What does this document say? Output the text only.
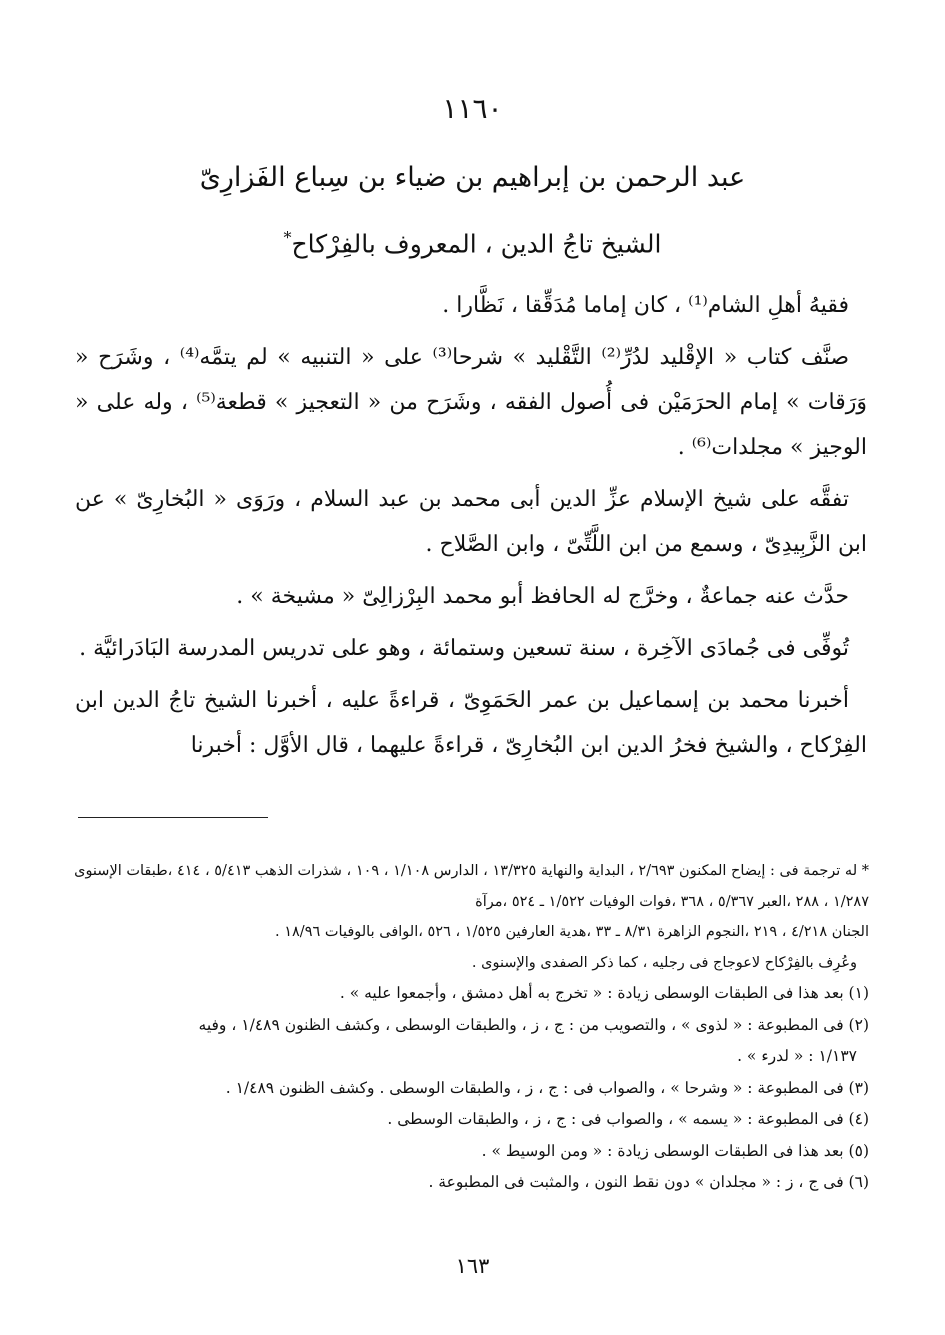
١١٦٠
عبد الرحمن بن إبراهيم بن ضياء بن سِباع الفَزارِىّ
الشيخ تاجُ الدين ، المعروف بالفِرْكاح*

فقيهُ أهلِ الشام⁽¹⁾ ، كان إماما مُدَقِّقا ، نَظَّارا .

صنَّف كتاب « الإقْليد لدُرِّ⁽²⁾ التَّقْليد » شرحا⁽³⁾ على « التنبيه » لم يتمَّه⁽⁴⁾ ، وشَرَح « وَرَقات » إمام الحرَمَيْن فى أُصول الفقه ، وشَرَح من « التعجيز » قطعة⁽⁵⁾ ، وله على « الوجيز » مجلدات⁽⁶⁾ .

تفقَّه على شيخ الإسلام عزِّ الدين أبى محمد بن عبد السلام ، ورَوَى « البُخارِىّ » عن ابن الزَّبِيدِىّ ، وسمع من ابن اللَّتِّىّ ، وابن الصَّلاح .

حدَّث عنه جماعةٌ ، وخرَّج له الحافظ أبو محمد البِرْزالِىّ « مشيخة » .

تُوفِّى فى جُمادَى الآخِرة ، سنة تسعين وستمائة ، وهو على تدريس المدرسة البَادَرائيَّة .

أخبرنا محمد بن إسماعيل بن عمر الحَمَوِىّ ، قراءةً عليه ، أخبرنا الشيخ تاجُ الدين ابن الفِرْكاح ، والشيخ فخرُ الدين ابن البُخارِىّ ، قراءةً عليهما ، قال الأوَّل : أخبرنا

* له ترجمة فى : إيضاح المكنون ٢/٦٩٣ ، البداية والنهاية ١٣/٣٢٥ ، الدارس ١/١٠٨ ، ١٠٩ ، شذرات الذهب ٥/٤١٣ ، ٤١٤ ،طبقات الإسنوى ١/٢٨٧ ، ٢٨٨ ،العبر ٥/٣٦٧ ، ٣٦٨ ،فوات الوفيات ١/٥٢٢ ـ ٥٢٤ ،مرآة
الجنان ٤/٢١٨ ، ٢١٩ ،النجوم الزاهرة ٨/٣١ ـ ٣٣ ،هدية العارفين ١/٥٢٥ ، ٥٢٦ ،الوافى بالوفيات ١٨/٩٦ .
وعُرِف بالفِرْكاح لاعوجاج فى رجليه ، كما ذكر الصفدى والإسنوى .
(١) بعد هذا فى الطبقات الوسطى زيادة : « تخرج به أهل دمشق ، وأجمعوا عليه » .
(٢) فى المطبوعة : « لذوى » ، والتصويب من : ج ، ز ، والطبقات الوسطى ، وكشف الظنون ١/٤٨٩ ، وفيه
١/١٣٧ : « لدرء » .
(٣) فى المطبوعة : « وشرحا » ، والصواب فى : ج ، ز ، والطبقات الوسطى . وكشف الظنون ١/٤٨٩ .
(٤) فى المطبوعة : « يسمه » ، والصواب فى : ج ، ز ، والطبقات الوسطى .
(٥) بعد هذا فى الطبقات الوسطى زيادة : « ومن الوسيط » .
(٦) فى ج ، ز : « مجلدان » دون نقط النون ، والمثبت فى المطبوعة .
١٦٣
